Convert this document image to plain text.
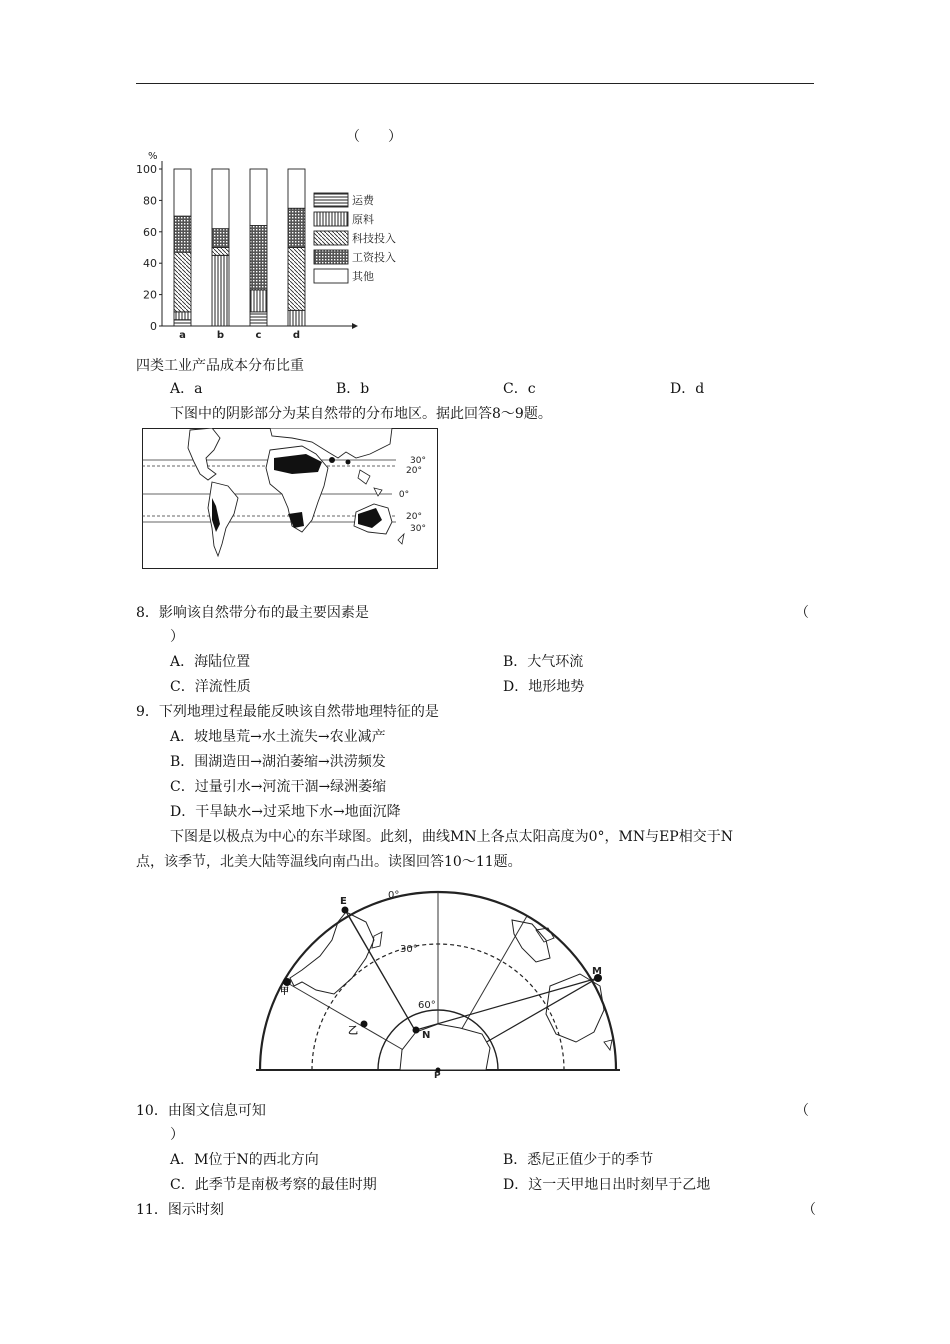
（　　）
%
0
20
40
60
80
100
a	b	c	d
运费
原料
科技投入
工资投入
其他
四类工业产品成本分布比重
A．a	B．b	C．c	D．d
下图中的阴影部分为某自然带的分布地区。据此回答8～9题。
30°
20°
0°
20°
30°
8．影响该自然带分布的最主要因素是	（
）
A．海陆位置	B．大气环流
C．洋流性质	D．地形地势
9．下列地理过程最能反映该自然带地理特征的是
A．坡地垦荒→水土流失→农业减产
B．围湖造田→湖泊萎缩→洪涝频发
C．过量引水→河流干涸→绿洲萎缩
D．干旱缺水→过采地下水→地面沉降
下图是以极点为中心的东半球图。此刻，曲线MN上各点太阳高度为0°，MN与EP相交于N
点，该季节，北美大陆等温线向南凸出。读图回答10～11题。
0°
30°
60°
E
M
N
P
甲
乙
10．由图文信息可知	（
）
A．M位于N的西北方向	B．悉尼正值少于的季节
C．此季节是南极考察的最佳时期	D．这一天甲地日出时刻早于乙地
11．图示时刻	（
